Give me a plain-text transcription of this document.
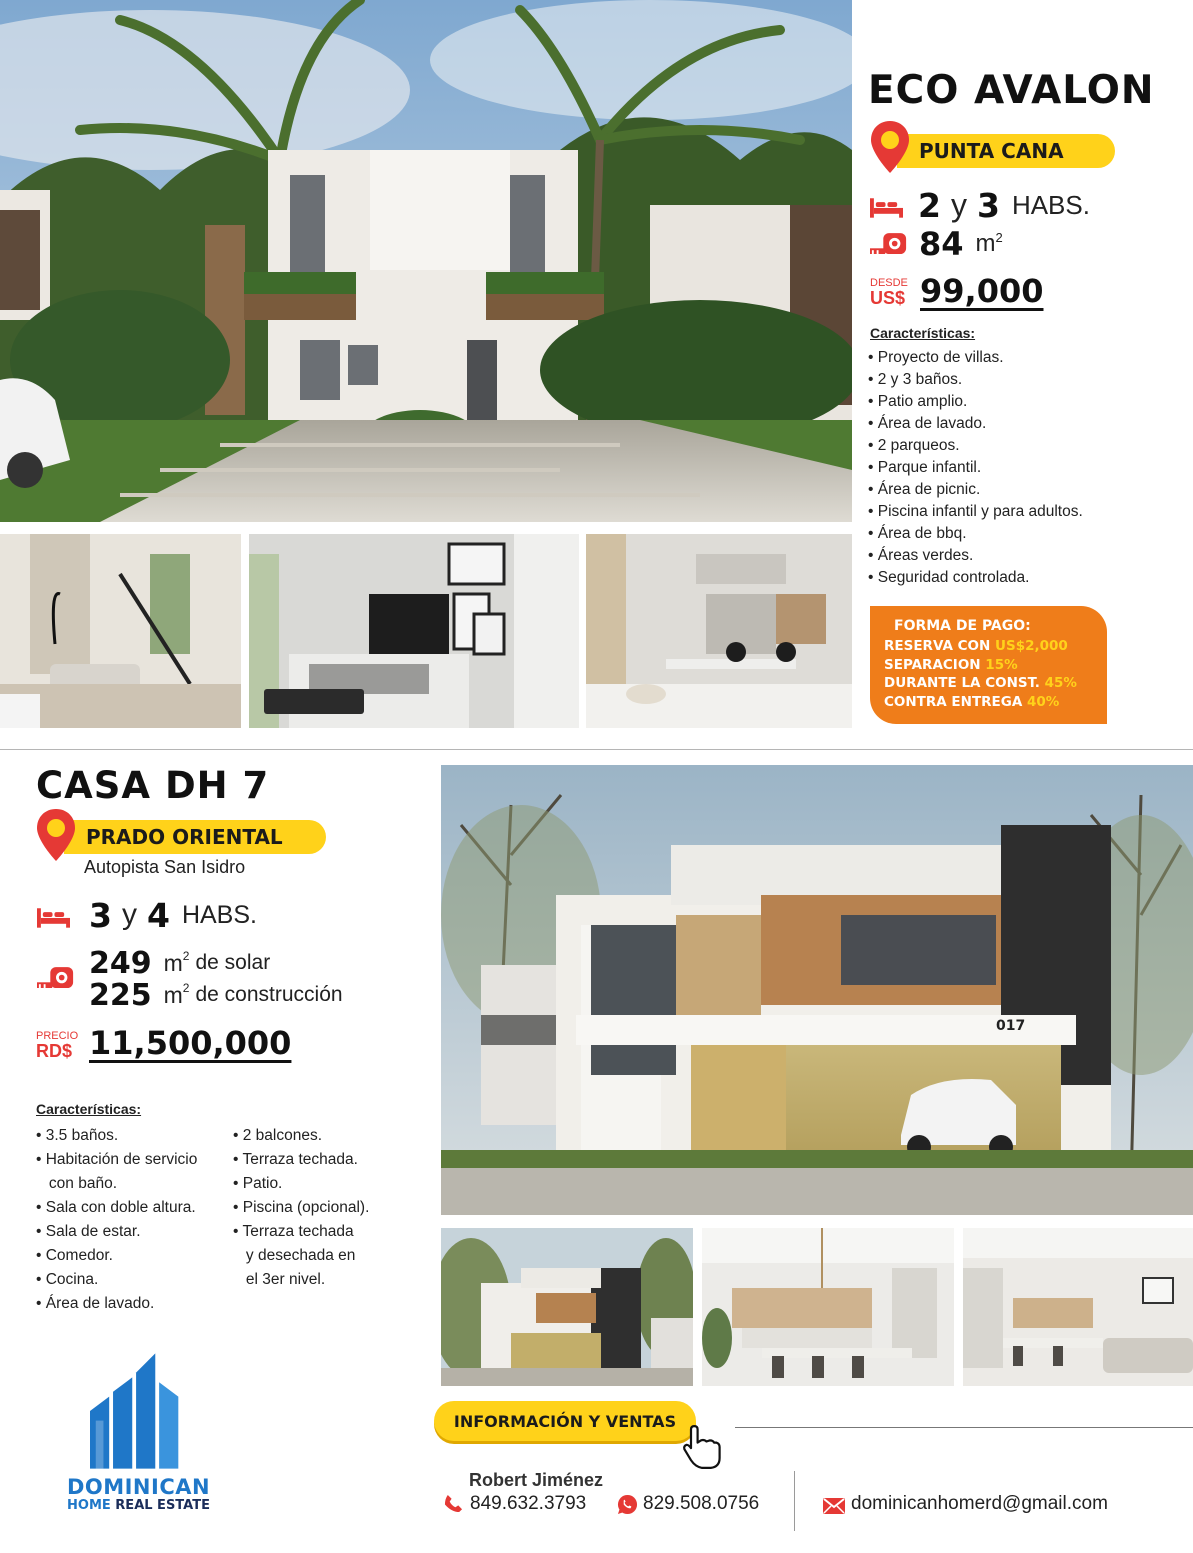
ECO AVALON
PUNTA CANA
2 y 3 HABS.
84 $m^2$
DESDE
US$ 99,000
Características:
• Proyecto de villas.
• 2 y 3 baños.
• Patio amplio.
• Área de lavado.
• 2 parqueos.
• Parque infantil.
• Área de picnic.
• Piscina infantil y para adultos.
• Área de bbq.
• Áreas verdes.
• Seguridad controlada.
FORMA DE PAGO:
RESERVA CON US$2,000
SEPARACION 15%
DURANTE LA CONST. 45%
CONTRA ENTREGA 40%
CASA DH 7
PRADO ORIENTAL
Autopista San Isidro
3 y 4 HABS.
249 $m^2$ de solar
225 $m^2$ de construcción
PRECIO
RD$ 11,500,000
Características:
• 3.5 baños.
• Habitación de servicio
con baño.
• Sala con doble altura.
• Sala de estar.
• Comedor.
• Cocina.
• Área de lavado.
• 2 balcones.
• Terraza techada.
• Patio.
• Piscina (opcional).
• Terraza techada
y desechada en
el 3er nivel.
017
DOMINICAN
HOME REAL ESTATE
INFORMACIÓN Y VENTAS
Robert Jiménez
849.632.3793	829.508.0756	dominicanhomerd@gmail.com
